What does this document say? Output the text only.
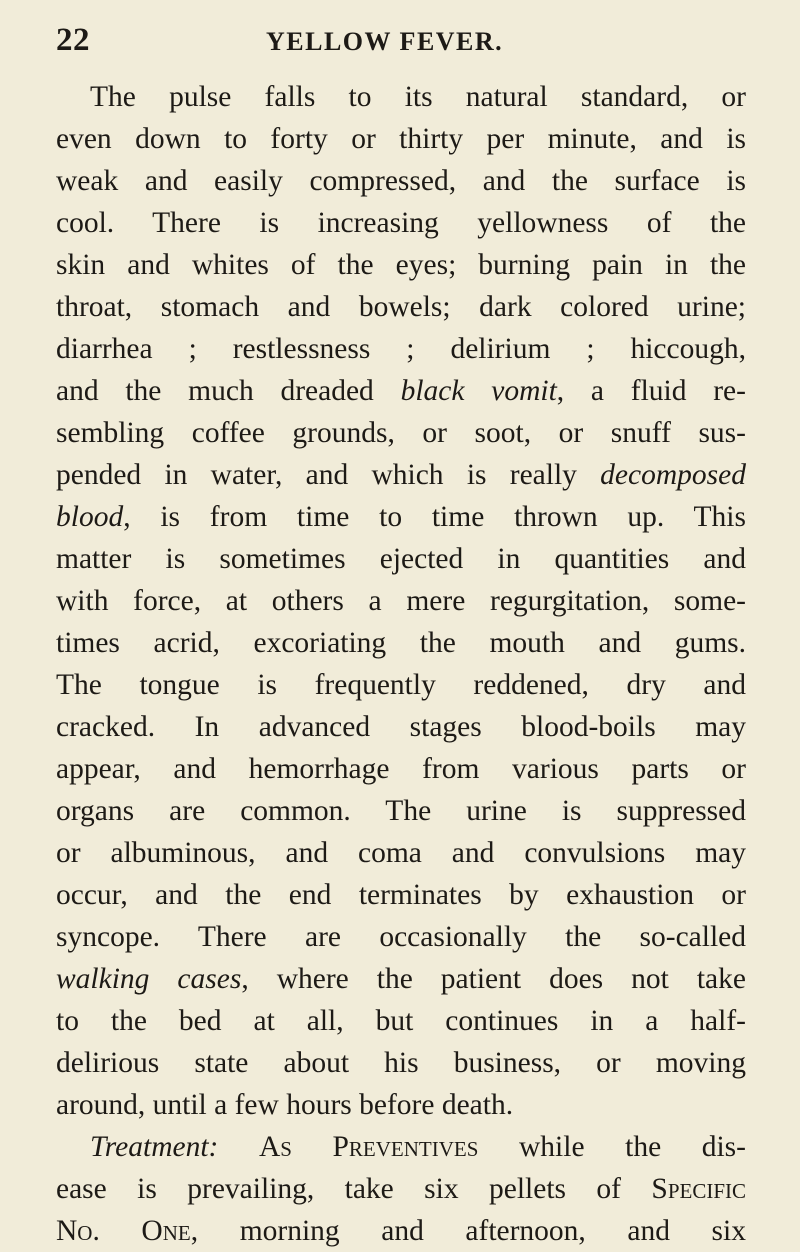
22	YELLOW FEVER.
The pulse falls to its natural standard, or
even down to forty or thirty per minute, and is
weak and easily compressed, and the surface is
cool. There is increasing yellowness of the
skin and whites of the eyes; burning pain in the
throat, stomach and bowels; dark colored urine;
diarrhea ; restlessness ; delirium ; hiccough,
and the much dreaded black vomit, a fluid re-
sembling coffee grounds, or soot, or snuff sus-
pended in water, and which is really decomposed
blood, is from time to time thrown up. This
matter is sometimes ejected in quantities and
with force, at others a mere regurgitation, some-
times acrid, excoriating the mouth and gums.
The tongue is frequently reddened, dry and
cracked. In advanced stages blood-boils may
appear, and hemorrhage from various parts or
organs are common. The urine is suppressed
or albuminous, and coma and convulsions may
occur, and the end terminates by exhaustion or
syncope. There are occasionally the so-called
walking cases, where the patient does not take
to the bed at all, but continues in a half-
delirious state about his business, or moving
around, until a few hours before death.
Treatment: As Preventives while the dis-
ease is prevailing, take six pellets of Specific
No. One, morning and afternoon, and six
